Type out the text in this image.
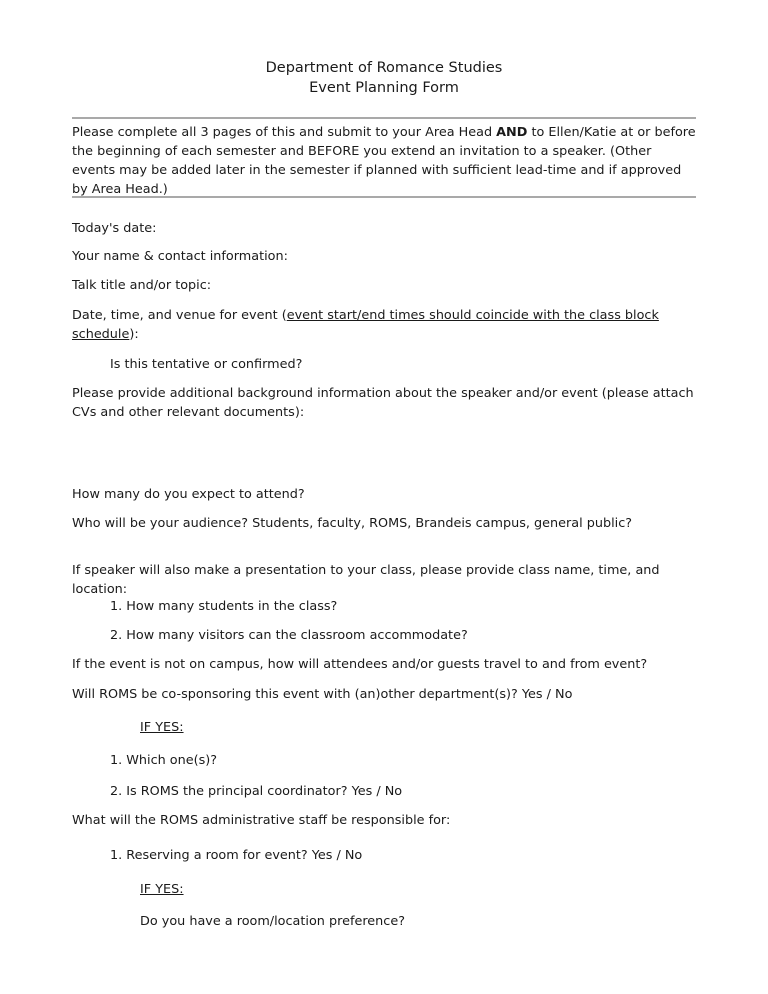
Department of Romance Studies
Event Planning Form

Please complete all 3 pages of this and submit to your Area Head AND to Ellen/Katie at or before the beginning of each semester and BEFORE you extend an invitation to a speaker. (Other events may be added later in the semester if planned with sufficient lead-time and if approved by Area Head.)

Today's date:

Your name & contact information:

Talk title and/or topic:

Date, time, and venue for event (event start/end times should coincide with the class block schedule):

Is this tentative or confirmed?

Please provide additional background information about the speaker and/or event (please attach CVs and other relevant documents):

How many do you expect to attend?

Who will be your audience? Students, faculty, ROMS, Brandeis campus, general public?

If speaker will also make a presentation to your class, please provide class name, time, and location:

1. How many students in the class?

2. How many visitors can the classroom accommodate?

If the event is not on campus, how will attendees and/or guests travel to and from event?

Will ROMS be co-sponsoring this event with (an)other department(s)? Yes / No

IF YES:

1. Which one(s)?

2. Is ROMS the principal coordinator? Yes / No

What will the ROMS administrative staff be responsible for:

1. Reserving a room for event? Yes / No

IF YES:

Do you have a room/location preference?
